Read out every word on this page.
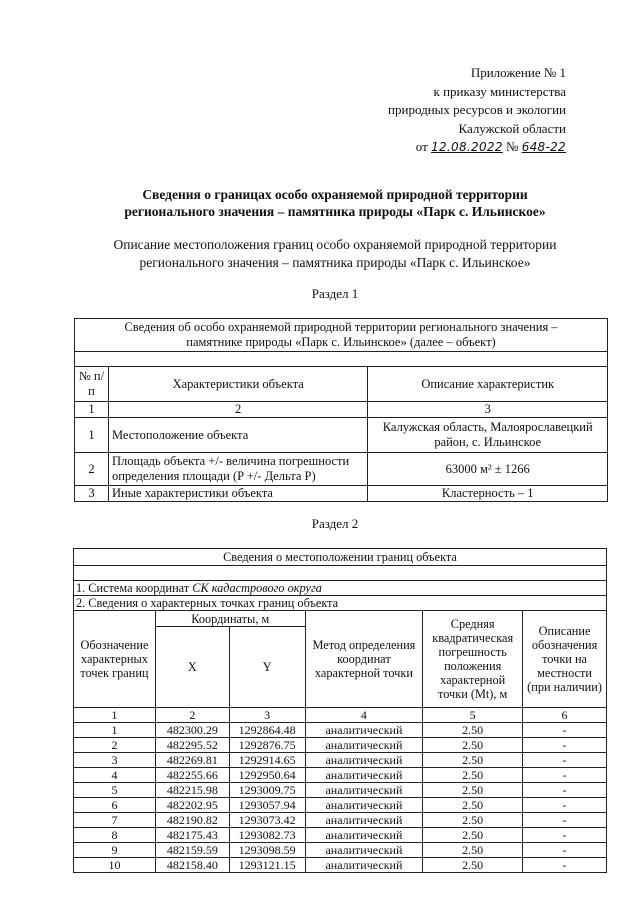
Приложение № 1
к приказу министерства
природных ресурсов и экологии
Калужской области
от 12.08.2022 № 648-22
Сведения о границах особо охраняемой природной территории
регионального значения – памятника природы «Парк с. Ильинское»
Описание местоположения границ особо охраняемой природной территории
регионального значения – памятника природы «Парк с. Ильинское»
Раздел 1
Сведения об особо охраняемой природной территории регионального значения –
памятнике природы «Парк с. Ильинское» (далее – объект)		

№ п/п	Характеристики объекта	Описание характеристик
1	2	3
1	Местоположение объекта	Калужская область, Малоярославецкий район, с. Ильинское
2	Площадь объекта +/- величина погрешности определения площади (P +/- Дельта P)	63000 м² ± 1266
3	Иные характеристики объекта	Кластерность – 1
Раздел 2
Сведения о местоположении границ объекта					

1. Система координат СК кадастрового округа					
2. Сведения о характерных точках границ объекта					
Обозначение характерных точек границ	Координаты, м		Метод определения координат характерной точки	Средняя квадратическая погрешность положения характерной точки (Mt), м	Описание обозначения точки на местности (при наличии)
	X	Y			
1	2	3	4	5	6
1	482300.29	1292864.48	аналитический	2.50	-
2	482295.52	1292876.75	аналитический	2.50	-
3	482269.81	1292914.65	аналитический	2.50	-
4	482255.66	1292950.64	аналитический	2.50	-
5	482215.98	1293009.75	аналитический	2.50	-
6	482202.95	1293057.94	аналитический	2.50	-
7	482190.82	1293073.42	аналитический	2.50	-
8	482175.43	1293082.73	аналитический	2.50	-
9	482159.59	1293098.59	аналитический	2.50	-
10	482158.40	1293121.15	аналитический	2.50	-
